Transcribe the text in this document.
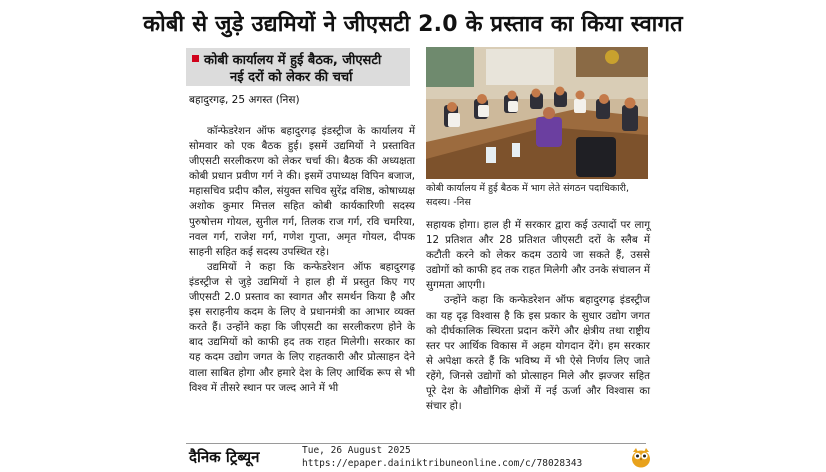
कोबी से जुड़े उद्यमियों ने जीएसटी 2.0 के प्रस्ताव का किया स्वागत
कोबी कार्यालय में हुई बैठक, जीएसटी
नई दरों को लेकर की चर्चा
बहादुरगढ़, 25 अगस्त (निस)

कॉन्फेडरेशन ऑफ बहादुरगढ़ इंडस्ट्रीज के कार्यालय में सोमवार को एक बैठक हुई। इसमें उद्यमियों ने प्रस्तावित जीएसटी सरलीकरण को लेकर चर्चा की। बैठक की अध्यक्षता कोबी प्रधान प्रवीण गर्ग ने की। इसमें उपाध्यक्ष विपिन बजाज, महासचिव प्रदीप कौल, संयुक्त सचिव सुरेंद्र वशिष्ठ, कोषाध्यक्ष अशोक कुमार मित्तल सहित कोबी कार्यकारिणी सदस्य पुरुषोत्तम गोयल, सुनील गर्ग, तिलक राज गर्ग, रवि चमरिया, नवल गर्ग, राजेश गर्ग, गणेश गुप्ता, अमृत गोयल, दीपक साहनी सहित कई सदस्य उपस्थित रहे।

उद्यमियों ने कहा कि कन्फेडरेशन ऑफ बहादुरगढ़ इंडस्ट्रीज से जुड़े उद्यमियों ने हाल ही में प्रस्तुत किए गए जीएसटी 2.0 प्रस्ताव का स्वागत और समर्थन किया है और इस सराहनीय कदम के लिए वे प्रधानमंत्री का आभार व्यक्त करते हैं। उन्होंने कहा कि जीएसटी का सरलीकरण होने के बाद उद्यमियों को काफी हद तक राहत मिलेगी। सरकार का यह कदम उद्योग जगत के लिए राहतकारी और प्रोत्साहन देने वाला साबित होगा और हमारे देश के लिए आर्थिक रूप से भी विश्व में तीसरे स्थान पर जल्द आने में भी

कोबी कार्यालय में हुई बैठक में भाग लेते संगठन पदाधिकारी, सदस्य। -निस

सहायक होगा। हाल ही में सरकार द्वारा कई उत्पादों पर लागू 12 प्रतिशत और 28 प्रतिशत जीएसटी दरों के स्लैब में कटौती करने को लेकर कदम उठाये जा सकते हैं, उससे उद्योगों को काफी हद तक राहत मिलेगी और उनके संचालन में सुगमता आएगी।

उन्होंने कहा कि कन्फेडरेशन ऑफ बहादुरगढ़ इंडस्ट्रीज का यह दृढ़ विश्वास है कि इस प्रकार के सुधार उद्योग जगत को दीर्घकालिक स्थिरता प्रदान करेंगे और क्षेत्रीय तथा राष्ट्रीय स्तर पर आर्थिक विकास में अहम योगदान देंगे। हम सरकार से अपेक्षा करते हैं कि भविष्य में भी ऐसे निर्णय लिए जाते रहेंगे, जिनसे उद्योगों को प्रोत्साहन मिले और झज्जर सहित पूरे देश के औद्योगिक क्षेत्रों में नई ऊर्जा और विश्वास का संचार हो।

दैनिक ट्रिब्यून	Tue, 26 August 2025
https://epaper.dainiktribuneonline.com/c/78028343
